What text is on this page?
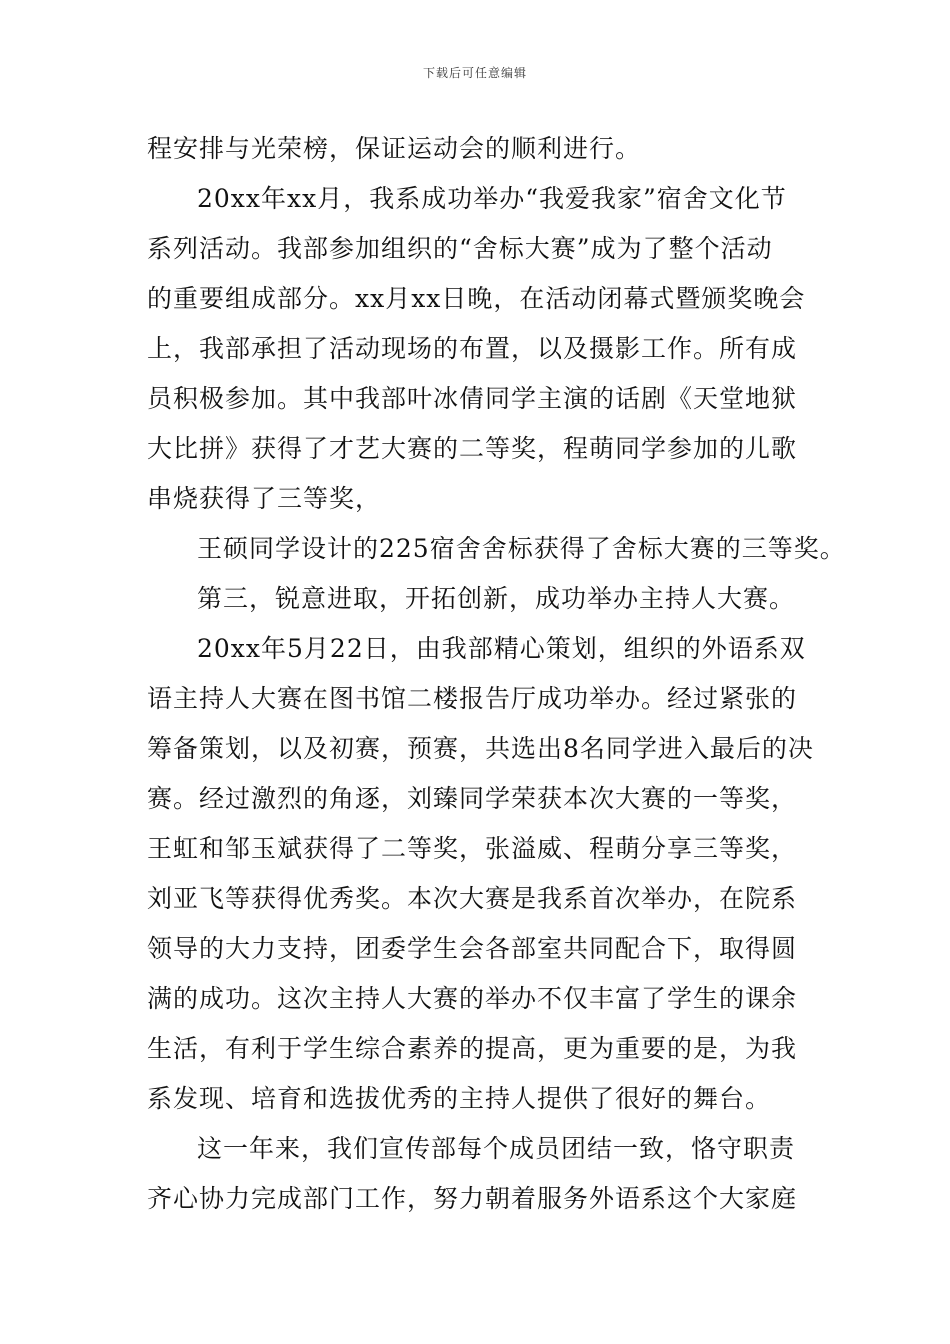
下载后可任意编辑
程安排与光荣榜，保证运动会的顺利进行。
20xx年xx月，我系成功举办“我爱我家”宿舍文化节
系列活动。我部参加组织的“舍标大赛”成为了整个活动
的重要组成部分。xx月xx日晚，在活动闭幕式暨颁奖晚会
上，我部承担了活动现场的布置，以及摄影工作。所有成
员积极参加。其中我部叶冰倩同学主演的话剧《天堂地狱
大比拼》获得了才艺大赛的二等奖，程萌同学参加的儿歌
串烧获得了三等奖，
王硕同学设计的225宿舍舍标获得了舍标大赛的三等奖。
第三，锐意进取，开拓创新，成功举办主持人大赛。
20xx年5月22日，由我部精心策划，组织的外语系双
语主持人大赛在图书馆二楼报告厅成功举办。经过紧张的
筹备策划，以及初赛，预赛，共选出8名同学进入最后的决
赛。经过激烈的角逐，刘臻同学荣获本次大赛的一等奖，
王虹和邹玉斌获得了二等奖，张溢威、程萌分享三等奖，
刘亚飞等获得优秀奖。本次大赛是我系首次举办，在院系
领导的大力支持，团委学生会各部室共同配合下，取得圆
满的成功。这次主持人大赛的举办不仅丰富了学生的课余
生活，有利于学生综合素养的提高，更为重要的是，为我
系发现、培育和选拔优秀的主持人提供了很好的舞台。
这一年来，我们宣传部每个成员团结一致，恪守职责
齐心协力完成部门工作，努力朝着服务外语系这个大家庭
